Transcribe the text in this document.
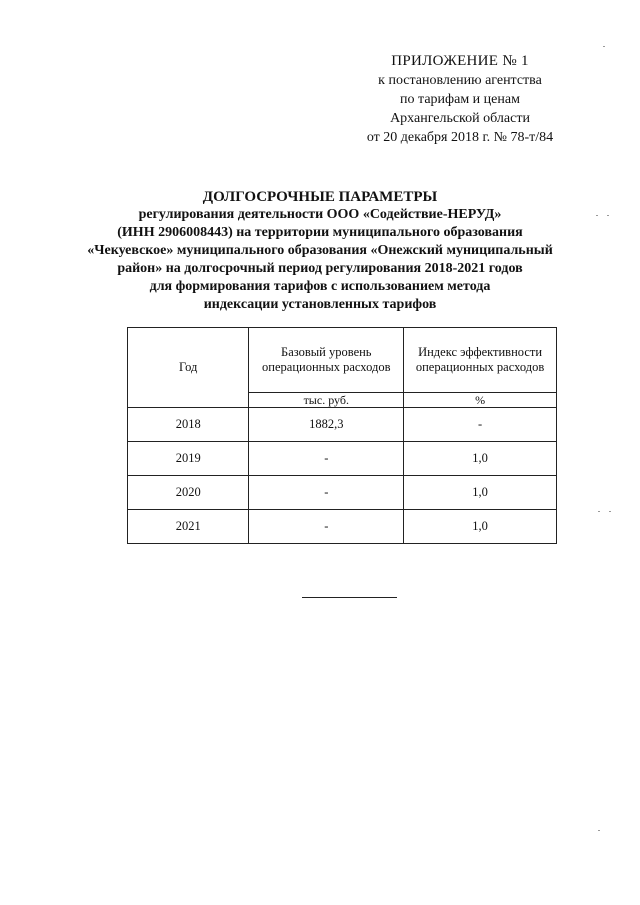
ПРИЛОЖЕНИЕ № 1
к постановлению агентства
по тарифам и ценам
Архангельской области
от 20 декабря 2018 г. № 78-т/84
ДОЛГОСРОЧНЫЕ ПАРАМЕТРЫ
регулирования деятельности ООО «Содействие-НЕРУД»
(ИНН 2906008443) на территории муниципального образования
«Чекуевское» муниципального образования «Онежский муниципальный
район» на долгосрочный период регулирования 2018-2021 годов
для формирования тарифов с использованием метода
индексации установленных тарифов
Год	Базовый уровень операционных расходов	Индекс эффективности операционных расходов
	тыс. руб.	%
2018	1882,3	-
2019	-	1,0
2020	-	1,0
2021	-	1,0
